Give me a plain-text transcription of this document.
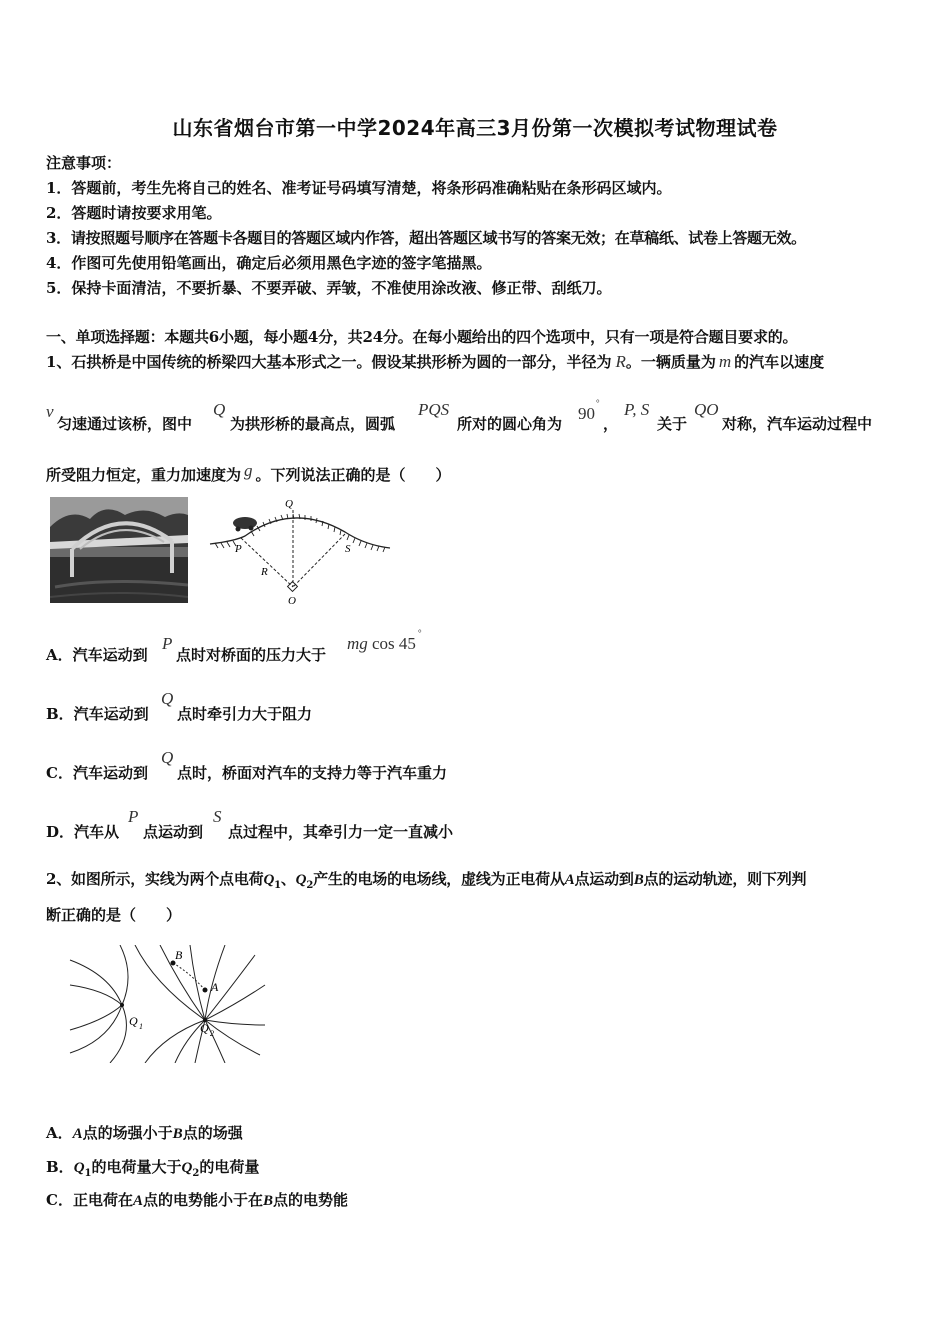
山东省烟台市第一中学2024年高三3月份第一次模拟考试物理试卷
注意事项：
1．答题前，考生先将自己的姓名、准考证号码填写清楚，将条形码准确粘贴在条形码区域内。
2．答题时请按要求用笔。
3．请按照题号顺序在答题卡各题目的答题区域内作答，超出答题区域书写的答案无效；在草稿纸、试卷上答题无效。
4．作图可先使用铅笔画出，确定后必须用黑色字迹的签字笔描黑。
5．保持卡面清洁，不要折暴、不要弄破、弄皱，不准使用涂改液、修正带、刮纸刀。
一、单项选择题：本题共6小题，每小题4分，共24分。在每小题给出的四个选项中，只有一项是符合题目要求的。
1、石拱桥是中国传统的桥梁四大基本形式之一。假设某拱形桥为圆的一部分，半径为 R。一辆质量为 m 的汽车以速度
v
匀速通过该桥，图中
Q
为拱形桥的最高点，圆弧
PQS
所对的圆心角为
90
°
，
P, S
关于
QO
对称，汽车运动过程中
所受阻力恒定，重力加速度为 g 。下列说法正确的是（　　）
Q
P	S
R
O
A．汽车运动到
P
点时对桥面的压力大于
mg cos 45
°
B．汽车运动到
Q
点时牵引力大于阻力
C．汽车运动到
Q
点时，桥面对汽车的支持力等于汽车重力
D．汽车从
P
点运动到
S
点过程中，其牵引力一定一直减小
2、如图所示，实线为两个点电荷$Q_1$、$Q_2$产生的电场的电场线，虚线为正电荷从A点运动到B点的运动轨迹，则下列判
断正确的是（　　）
B
A
Q 1	Q 2
A．A点的场强小于B点的场强
B．$Q_1$的电荷量大于$Q_2$的电荷量
C．正电荷在A点的电势能小于在B点的电势能
